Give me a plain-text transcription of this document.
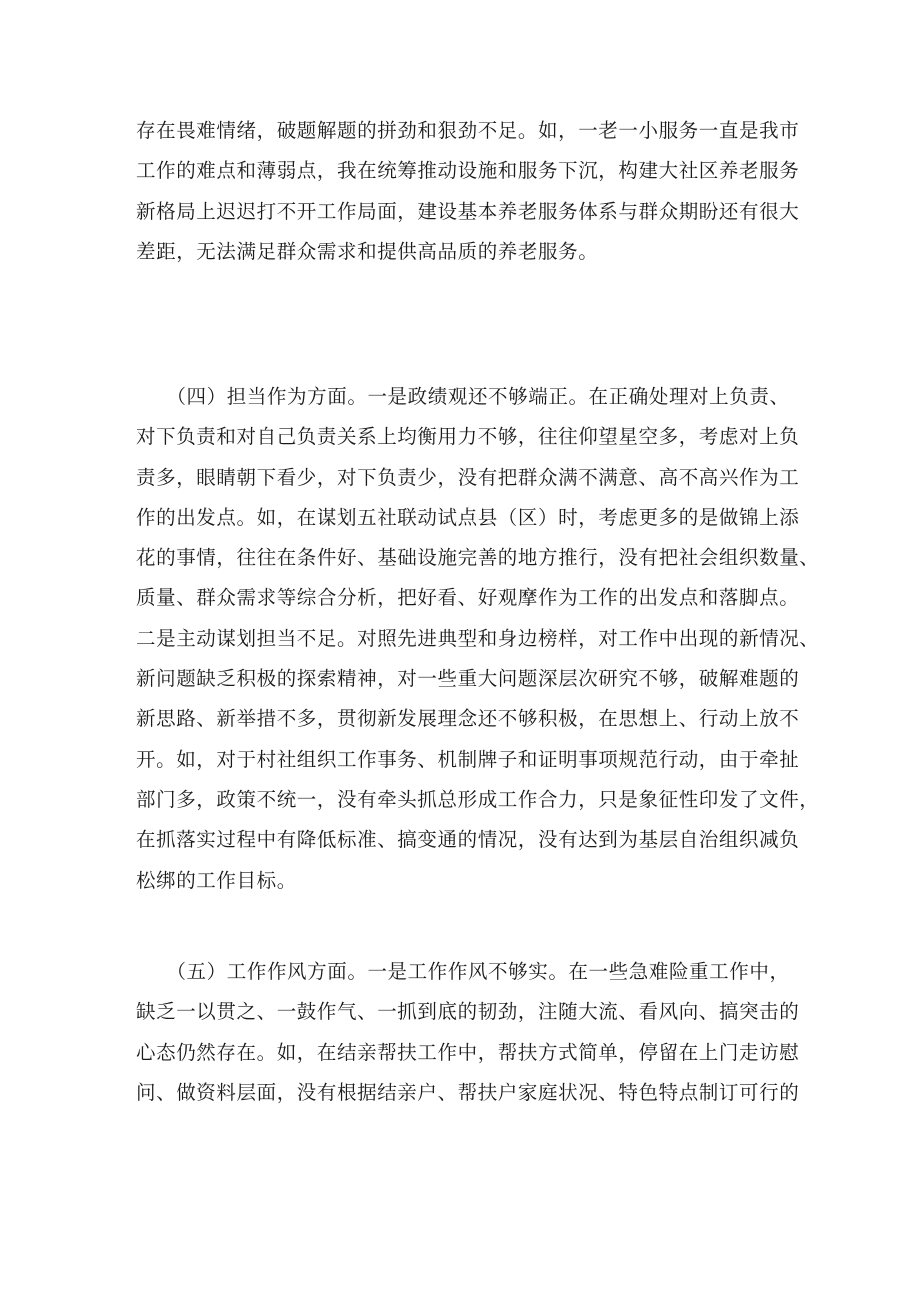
存在畏难情绪，破题解题的拼劲和狠劲不足。如，一老一小服务一直是我市
工作的难点和薄弱点，我在统筹推动设施和服务下沉，构建大社区养老服务
新格局上迟迟打不开工作局面，建设基本养老服务体系与群众期盼还有很大
差距，无法满足群众需求和提供高品质的养老服务。
　　（四）担当作为方面。一是政绩观还不够端正。在正确处理对上负责、
对下负责和对自己负责关系上均衡用力不够，往往仰望星空多，考虑对上负
责多，眼睛朝下看少，对下负责少，没有把群众满不满意、高不高兴作为工
作的出发点。如，在谋划五社联动试点县（区）时，考虑更多的是做锦上添
花的事情，往往在条件好、基础设施完善的地方推行，没有把社会组织数量、
质量、群众需求等综合分析，把好看、好观摩作为工作的出发点和落脚点。
二是主动谋划担当不足。对照先进典型和身边榜样，对工作中出现的新情况、
新问题缺乏积极的探索精神，对一些重大问题深层次研究不够，破解难题的
新思路、新举措不多，贯彻新发展理念还不够积极，在思想上、行动上放不
开。如，对于村社组织工作事务、机制牌子和证明事项规范行动，由于牵扯
部门多，政策不统一，没有牵头抓总形成工作合力，只是象征性印发了文件，
在抓落实过程中有降低标准、搞变通的情况，没有达到为基层自治组织减负
松绑的工作目标。
　　（五）工作作风方面。一是工作作风不够实。在一些急难险重工作中，
缺乏一以贯之、一鼓作气、一抓到底的韧劲，注随大流、看风向、搞突击的
心态仍然存在。如，在结亲帮扶工作中，帮扶方式简单，停留在上门走访慰
问、做资料层面，没有根据结亲户、帮扶户家庭状况、特色特点制订可行的
